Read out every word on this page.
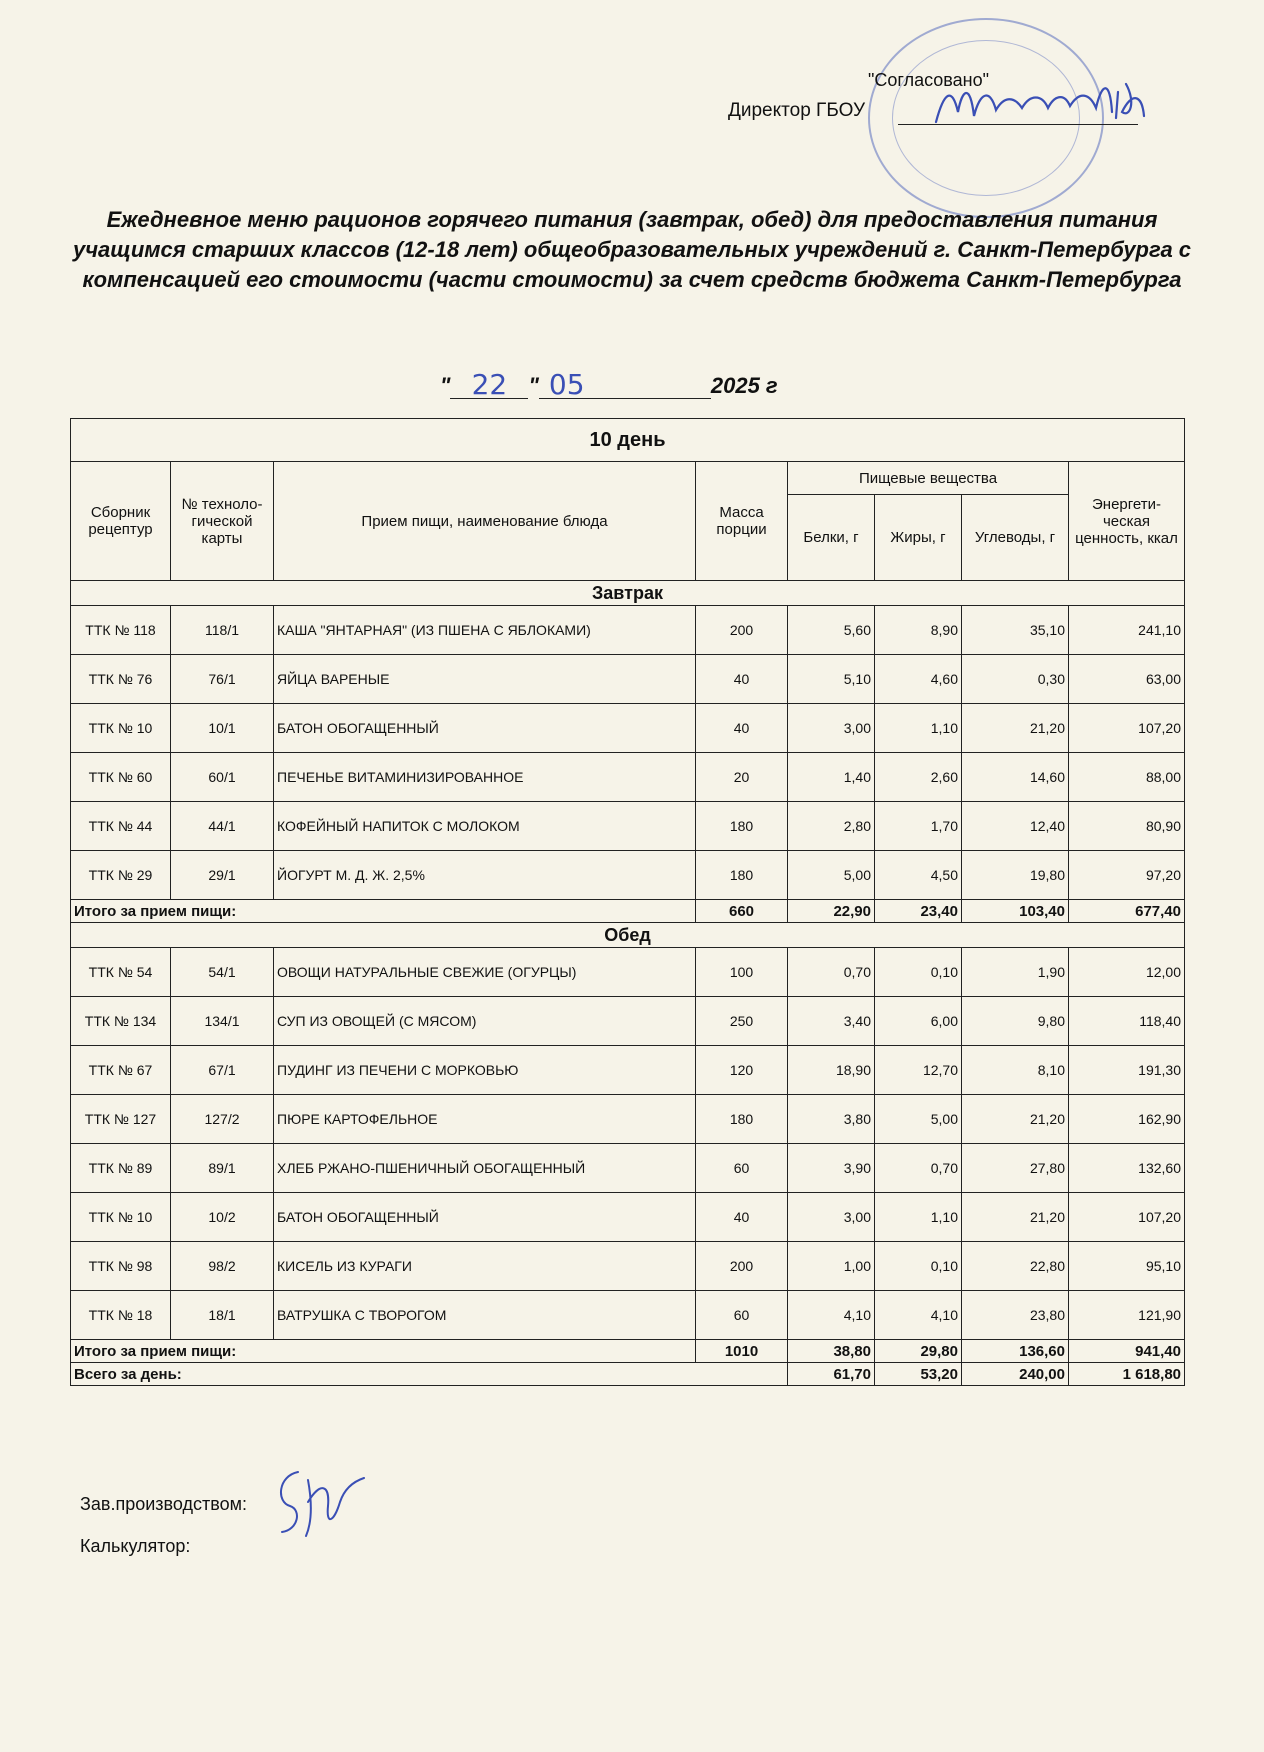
"Согласовано"
Директор ГБОУ
Ежедневное меню рационов горячего питания (завтрак, обед) для предоставления питания учащимся старших классов (12-18 лет) общеобразовательных учреждений г. Санкт-Петербурга с компенсацией его стоимости (части стоимости) за счет средств бюджета Санкт-Петербурга
" 22 " 05	2025 г
10 день							
Сборник рецептур	№ техноло-гической карты	Прием пищи, наименование блюда	Масса порции	Пищевые вещества			Энергети-ческая ценность, ккал
				Белки, г	Жиры, г	Углеводы, г	
Завтрак							
ТТК № 118	118/1	КАША "ЯНТАРНАЯ" (ИЗ ПШЕНА С ЯБЛОКАМИ)	200	5,60	8,90	35,10	241,10
ТТК № 76	76/1	ЯЙЦА ВАРЕНЫЕ	40	5,10	4,60	0,30	63,00
ТТК № 10	10/1	БАТОН ОБОГАЩЕННЫЙ	40	3,00	1,10	21,20	107,20
ТТК № 60	60/1	ПЕЧЕНЬЕ ВИТАМИНИЗИРОВАННОЕ	20	1,40	2,60	14,60	88,00
ТТК № 44	44/1	КОФЕЙНЫЙ НАПИТОК С МОЛОКОМ	180	2,80	1,70	12,40	80,90
ТТК № 29	29/1	ЙОГУРТ М. Д. Ж. 2,5%	180	5,00	4,50	19,80	97,20
Итого за прием пищи:			660	22,90	23,40	103,40	677,40
Обед							
ТТК № 54	54/1	ОВОЩИ НАТУРАЛЬНЫЕ СВЕЖИЕ (ОГУРЦЫ)	100	0,70	0,10	1,90	12,00
ТТК № 134	134/1	СУП ИЗ ОВОЩЕЙ (С МЯСОМ)	250	3,40	6,00	9,80	118,40
ТТК № 67	67/1	ПУДИНГ ИЗ ПЕЧЕНИ С МОРКОВЬЮ	120	18,90	12,70	8,10	191,30
ТТК № 127	127/2	ПЮРЕ КАРТОФЕЛЬНОЕ	180	3,80	5,00	21,20	162,90
ТТК № 89	89/1	ХЛЕБ РЖАНО-ПШЕНИЧНЫЙ ОБОГАЩЕННЫЙ	60	3,90	0,70	27,80	132,60
ТТК № 10	10/2	БАТОН ОБОГАЩЕННЫЙ	40	3,00	1,10	21,20	107,20
ТТК № 98	98/2	КИСЕЛЬ ИЗ КУРАГИ	200	1,00	0,10	22,80	95,10
ТТК № 18	18/1	ВАТРУШКА С ТВОРОГОМ	60	4,10	4,10	23,80	121,90
Итого за прием пищи:			1010	38,80	29,80	136,60	941,40
Всего за день:				61,70	53,20	240,00	1 618,80
Зав.производством:
Калькулятор:
